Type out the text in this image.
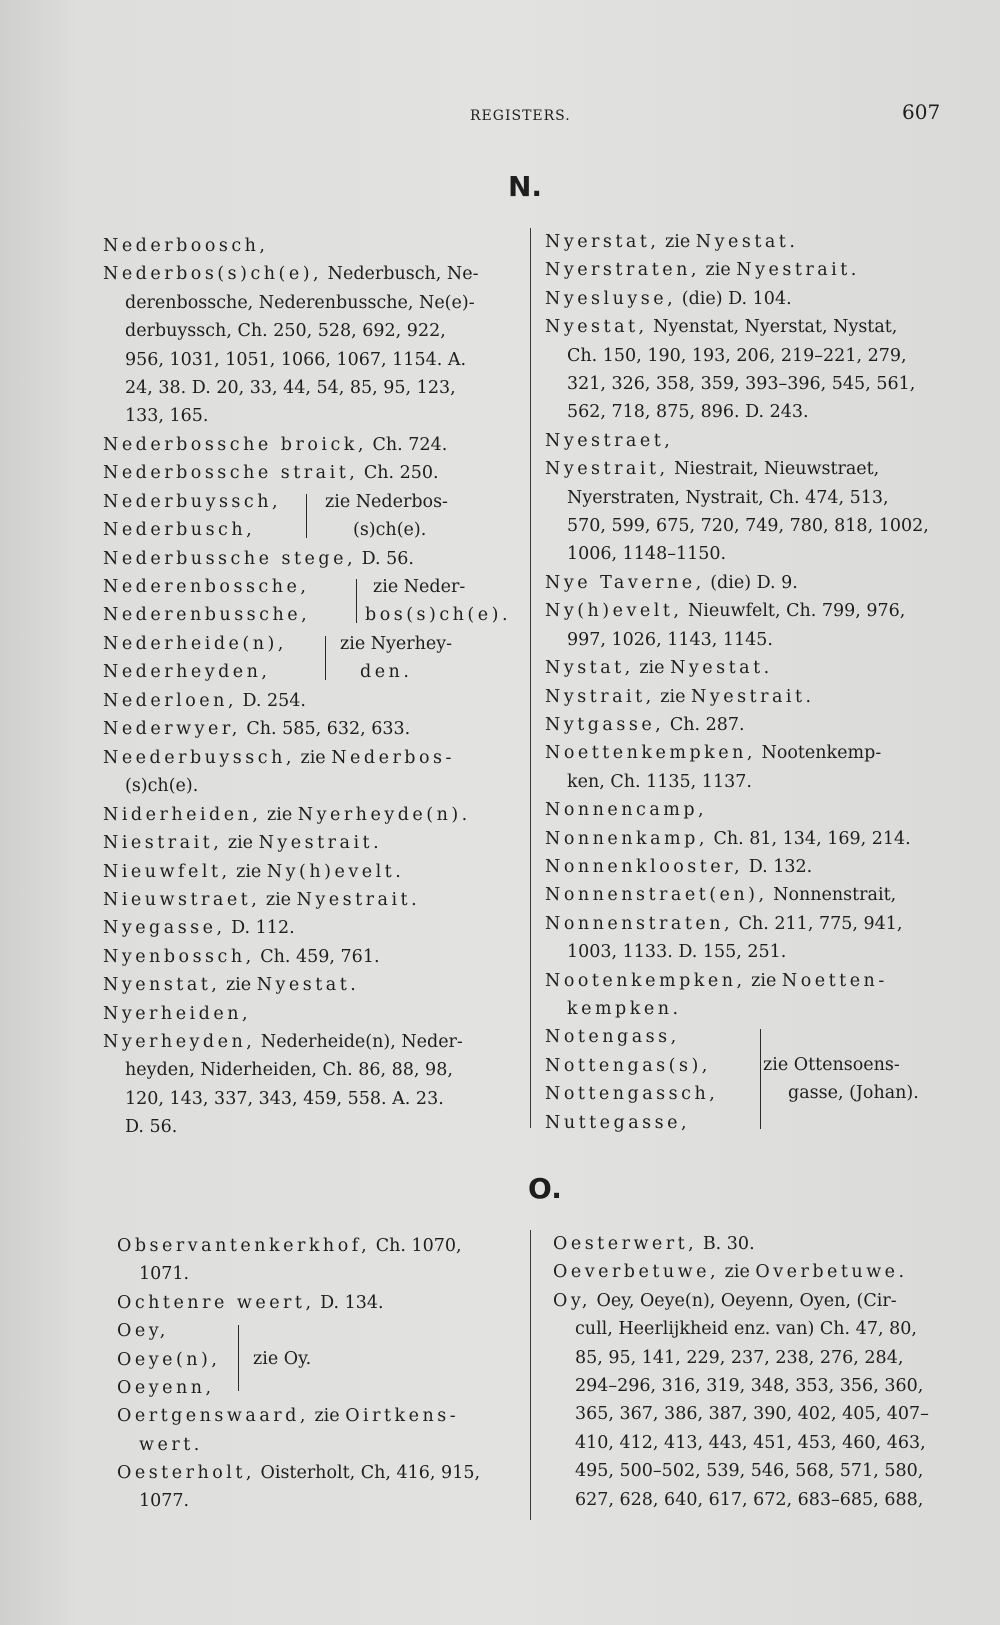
REGISTERS.	607
N.
Nederboosch,
Nederbos(s)ch(e), Nederbusch, Ne-
derenbossche, Nederenbussche, Ne(e)-
derbuyssch, Ch. 250, 528, 692, 922,
956, 1031, 1051, 1066, 1067, 1154. A.
24, 38. D. 20, 33, 44, 54, 85, 95, 123,
133, 165.
Nederbossche broick, Ch. 724.
Nederbossche strait, Ch. 250.
Nederbuyssch,
Nederbusch,
zie Nederbos-
(s)ch(e).
Nederbussche stege, D. 56.
Nederenbossche,
Nederenbussche,
zie Neder-
bos(s)ch(e).
Nederheide(n),
Nederheyden,
zie Nyerhey-
den.
Nederloen, D. 254.
Nederwyer, Ch. 585, 632, 633.
Neederbuyssch, zie Nederbos-
(s)ch(e).
Niderheiden, zie Nyerheyde(n).
Niestrait, zie Nyestrait.
Nieuwfelt, zie Ny(h)evelt.
Nieuwstraet, zie Nyestrait.
Nyegasse, D. 112.
Nyenbossch, Ch. 459, 761.
Nyenstat, zie Nyestat.
Nyerheiden,
Nyerheyden, Nederheide(n), Neder-
heyden, Niderheiden, Ch. 86, 88, 98,
120, 143, 337, 343, 459, 558. A. 23.
D. 56.
Nyerstat, zie Nyestat.
Nyerstraten, zie Nyestrait.
Nyesluyse, (die) D. 104.
Nyestat, Nyenstat, Nyerstat, Nystat,
Ch. 150, 190, 193, 206, 219–221, 279,
321, 326, 358, 359, 393–396, 545, 561,
562, 718, 875, 896. D. 243.
Nyestraet,
Nyestrait, Niestrait, Nieuwstraet,
Nyerstraten, Nystrait, Ch. 474, 513,
570, 599, 675, 720, 749, 780, 818, 1002,
1006, 1148–1150.
Nye Taverne, (die) D. 9.
Ny(h)evelt, Nieuwfelt, Ch. 799, 976,
997, 1026, 1143, 1145.
Nystat, zie Nyestat.
Nystrait, zie Nyestrait.
Nytgasse, Ch. 287.
Noettenkempken, Nootenkemp-
ken, Ch. 1135, 1137.
Nonnencamp,
Nonnenkamp, Ch. 81, 134, 169, 214.
Nonnenklooster, D. 132.
Nonnenstraet(en), Nonnenstrait,
Nonnenstraten, Ch. 211, 775, 941,
1003, 1133. D. 155, 251.
Nootenkempken, zie Noetten-
kempken.
Notengass,
Nottengas(s),
Nottengassch,
Nuttegasse,
zie Ottensoens-
gasse, (Johan).
O.
Observantenkerkhof, Ch. 1070,
1071.
Ochtenre weert, D. 134.
Oey,
Oeye(n),
Oeyenn,
zie Oy.
Oertgenswaard, zie Oirtkens-
wert.
Oesterholt, Oisterholt, Ch, 416, 915,
1077.
Oesterwert, B. 30.
Oeverbetuwe, zie Overbetuwe.
Oy, Oey, Oeye(n), Oeyenn, Oyen, (Cir-
cull, Heerlijkheid enz. van) Ch. 47, 80,
85, 95, 141, 229, 237, 238, 276, 284,
294–296, 316, 319, 348, 353, 356, 360,
365, 367, 386, 387, 390, 402, 405, 407–
410, 412, 413, 443, 451, 453, 460, 463,
495, 500–502, 539, 546, 568, 571, 580,
627, 628, 640, 617, 672, 683–685, 688,
